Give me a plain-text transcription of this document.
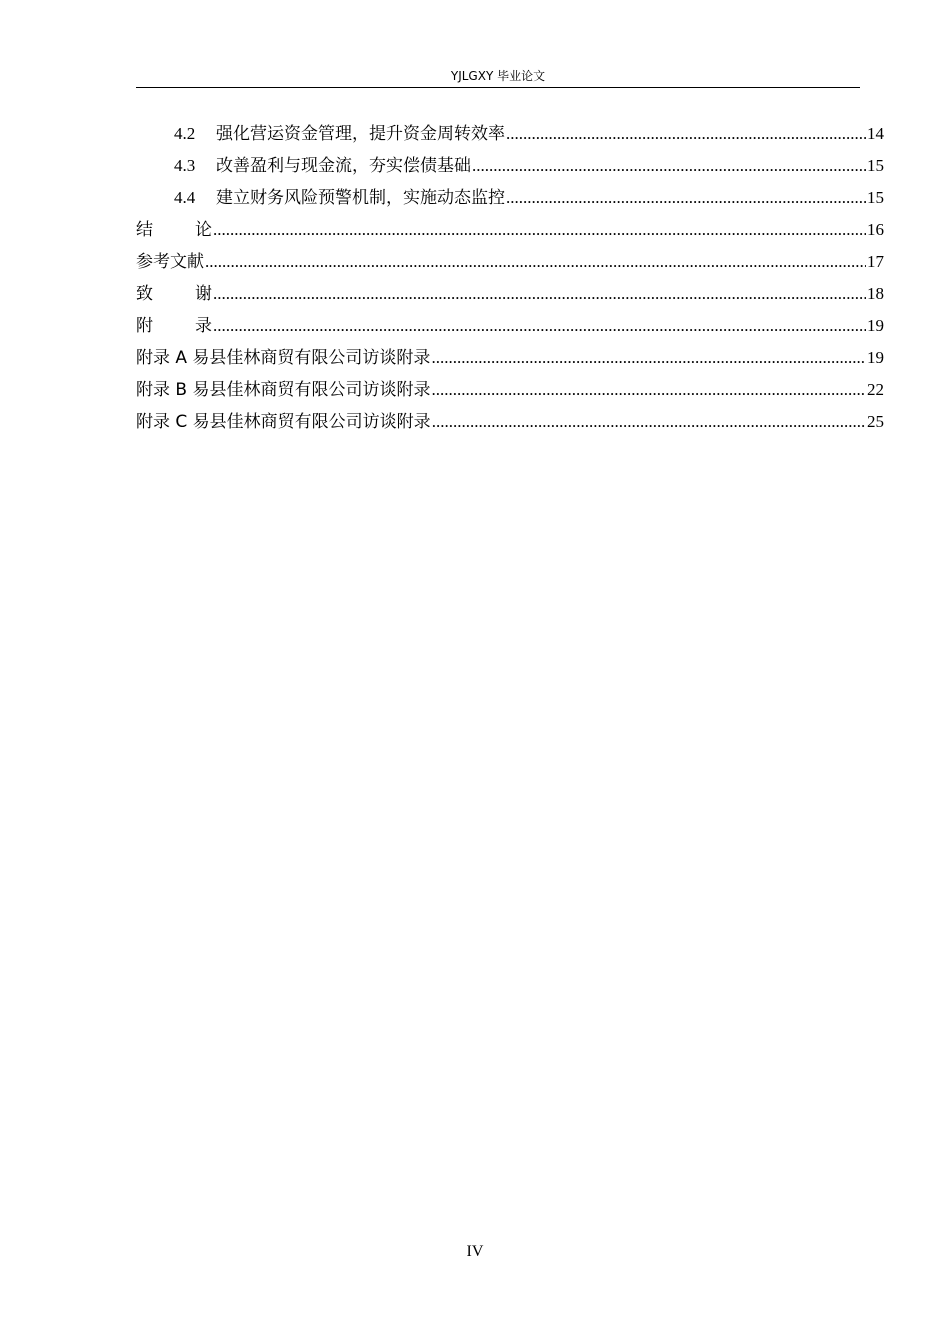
YJLGXY 毕业论文
4.2	强化营运资金管理，提升资金周转效率 .....	14
4.3	改善盈利与现金流，夯实偿债基础 .....	15
4.4	建立财务风险预警机制，实施动态监控 .....	15
结论 .....	16
参考文献 .....	17
致谢 .....	18
附录 .....	19
附录 A 易县佳林商贸有限公司访谈附录 .....	19
附录 B 易县佳林商贸有限公司访谈附录 .....	22
附录 C 易县佳林商贸有限公司访谈附录 .....	25
IV
